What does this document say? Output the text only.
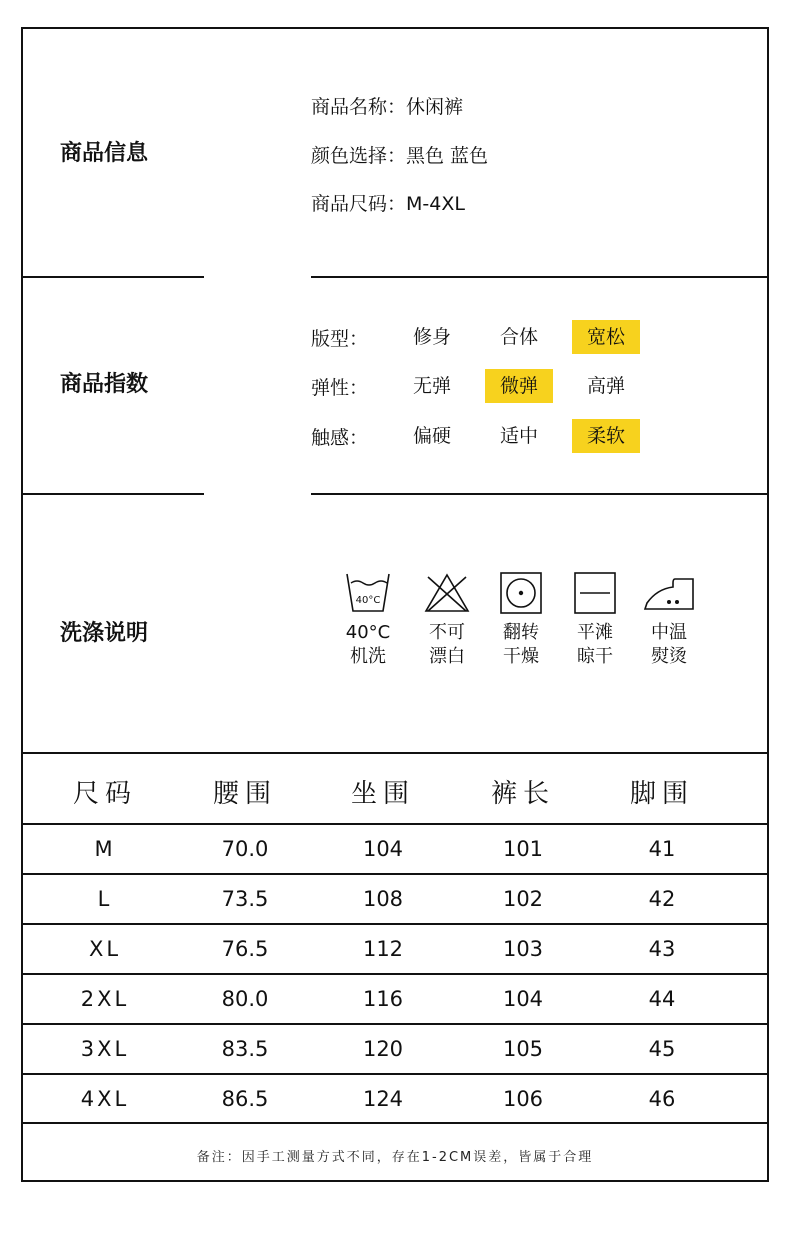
商品信息
商品名称：休闲裤
颜色选择：黑色 蓝色
商品尺码：M-4XL
商品指数
版型：	修身	合体	宽松
弹性：	无弹	微弹	高弹
触感：	偏硬	适中	柔软
洗涤说明
40°C
40°C
机洗
不可
漂白
翻转
干燥
平滩
晾干
中温
熨烫
尺码	腰围	坐围	裤长	脚围
M	70.0	104	101	41
L	73.5	108	102	42
XL	76.5	112	103	43
2XL	80.0	116	104	44
3XL	83.5	120	105	45
4XL	86.5	124	106	46
备注：因手工测量方式不同，存在1-2CM误差，皆属于合理
